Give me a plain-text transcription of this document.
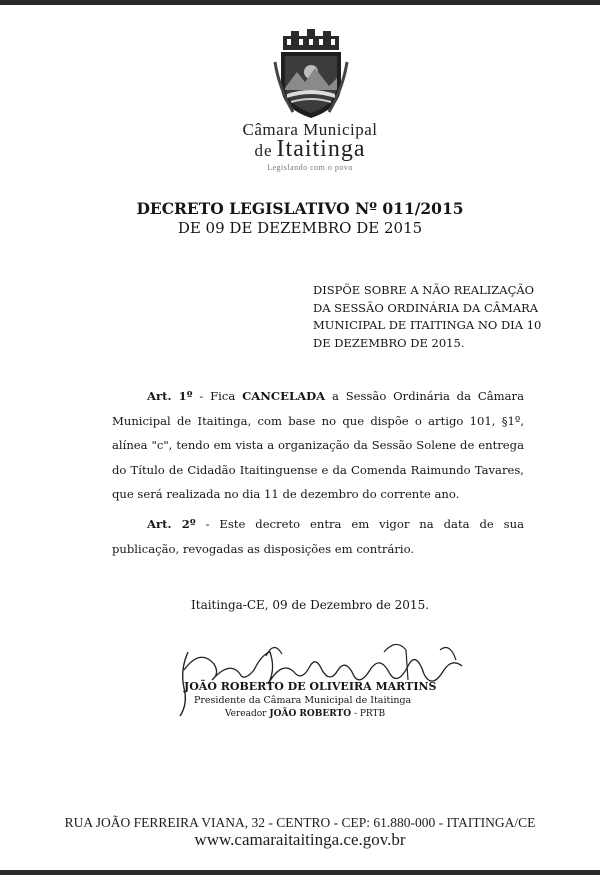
Câmara Municipal
de Itaitinga
Legislando com o povo
DECRETO LEGISLATIVO Nº 011/2015
DE 09 DE DEZEMBRO DE 2015
DISPÕE SOBRE A NÃO REALIZAÇÃO DA SESSÃO ORDINÁRIA DA CÂMARA MUNICIPAL DE ITAITINGA NO DIA 10 DE DEZEMBRO DE 2015.

Art. 1º - Fica CANCELADA a Sessão Ordinária da Câmara Municipal de Itaitinga, com base no que dispõe o artigo 101, §1º, alínea "c", tendo em vista a organização da Sessão Solene de entrega do Título de Cidadão Itaitinguense e da Comenda Raimundo Tavares, que será realizada no dia 11 de dezembro do corrente ano.

Art. 2º - Este decreto entra em vigor na data de sua publicação, revogadas as disposições em contrário.

Itaitinga-CE, 09 de Dezembro de 2015.
JOÃO ROBERTO DE OLIVEIRA MARTINS
Presidente da Câmara Municipal de Itaitinga
Vereador JOÃO ROBERTO - PRTB
RUA JOÃO FERREIRA VIANA, 32 - CENTRO - CEP: 61.880-000 - ITAITINGA/CE
www.camaraitaitinga.ce.gov.br
